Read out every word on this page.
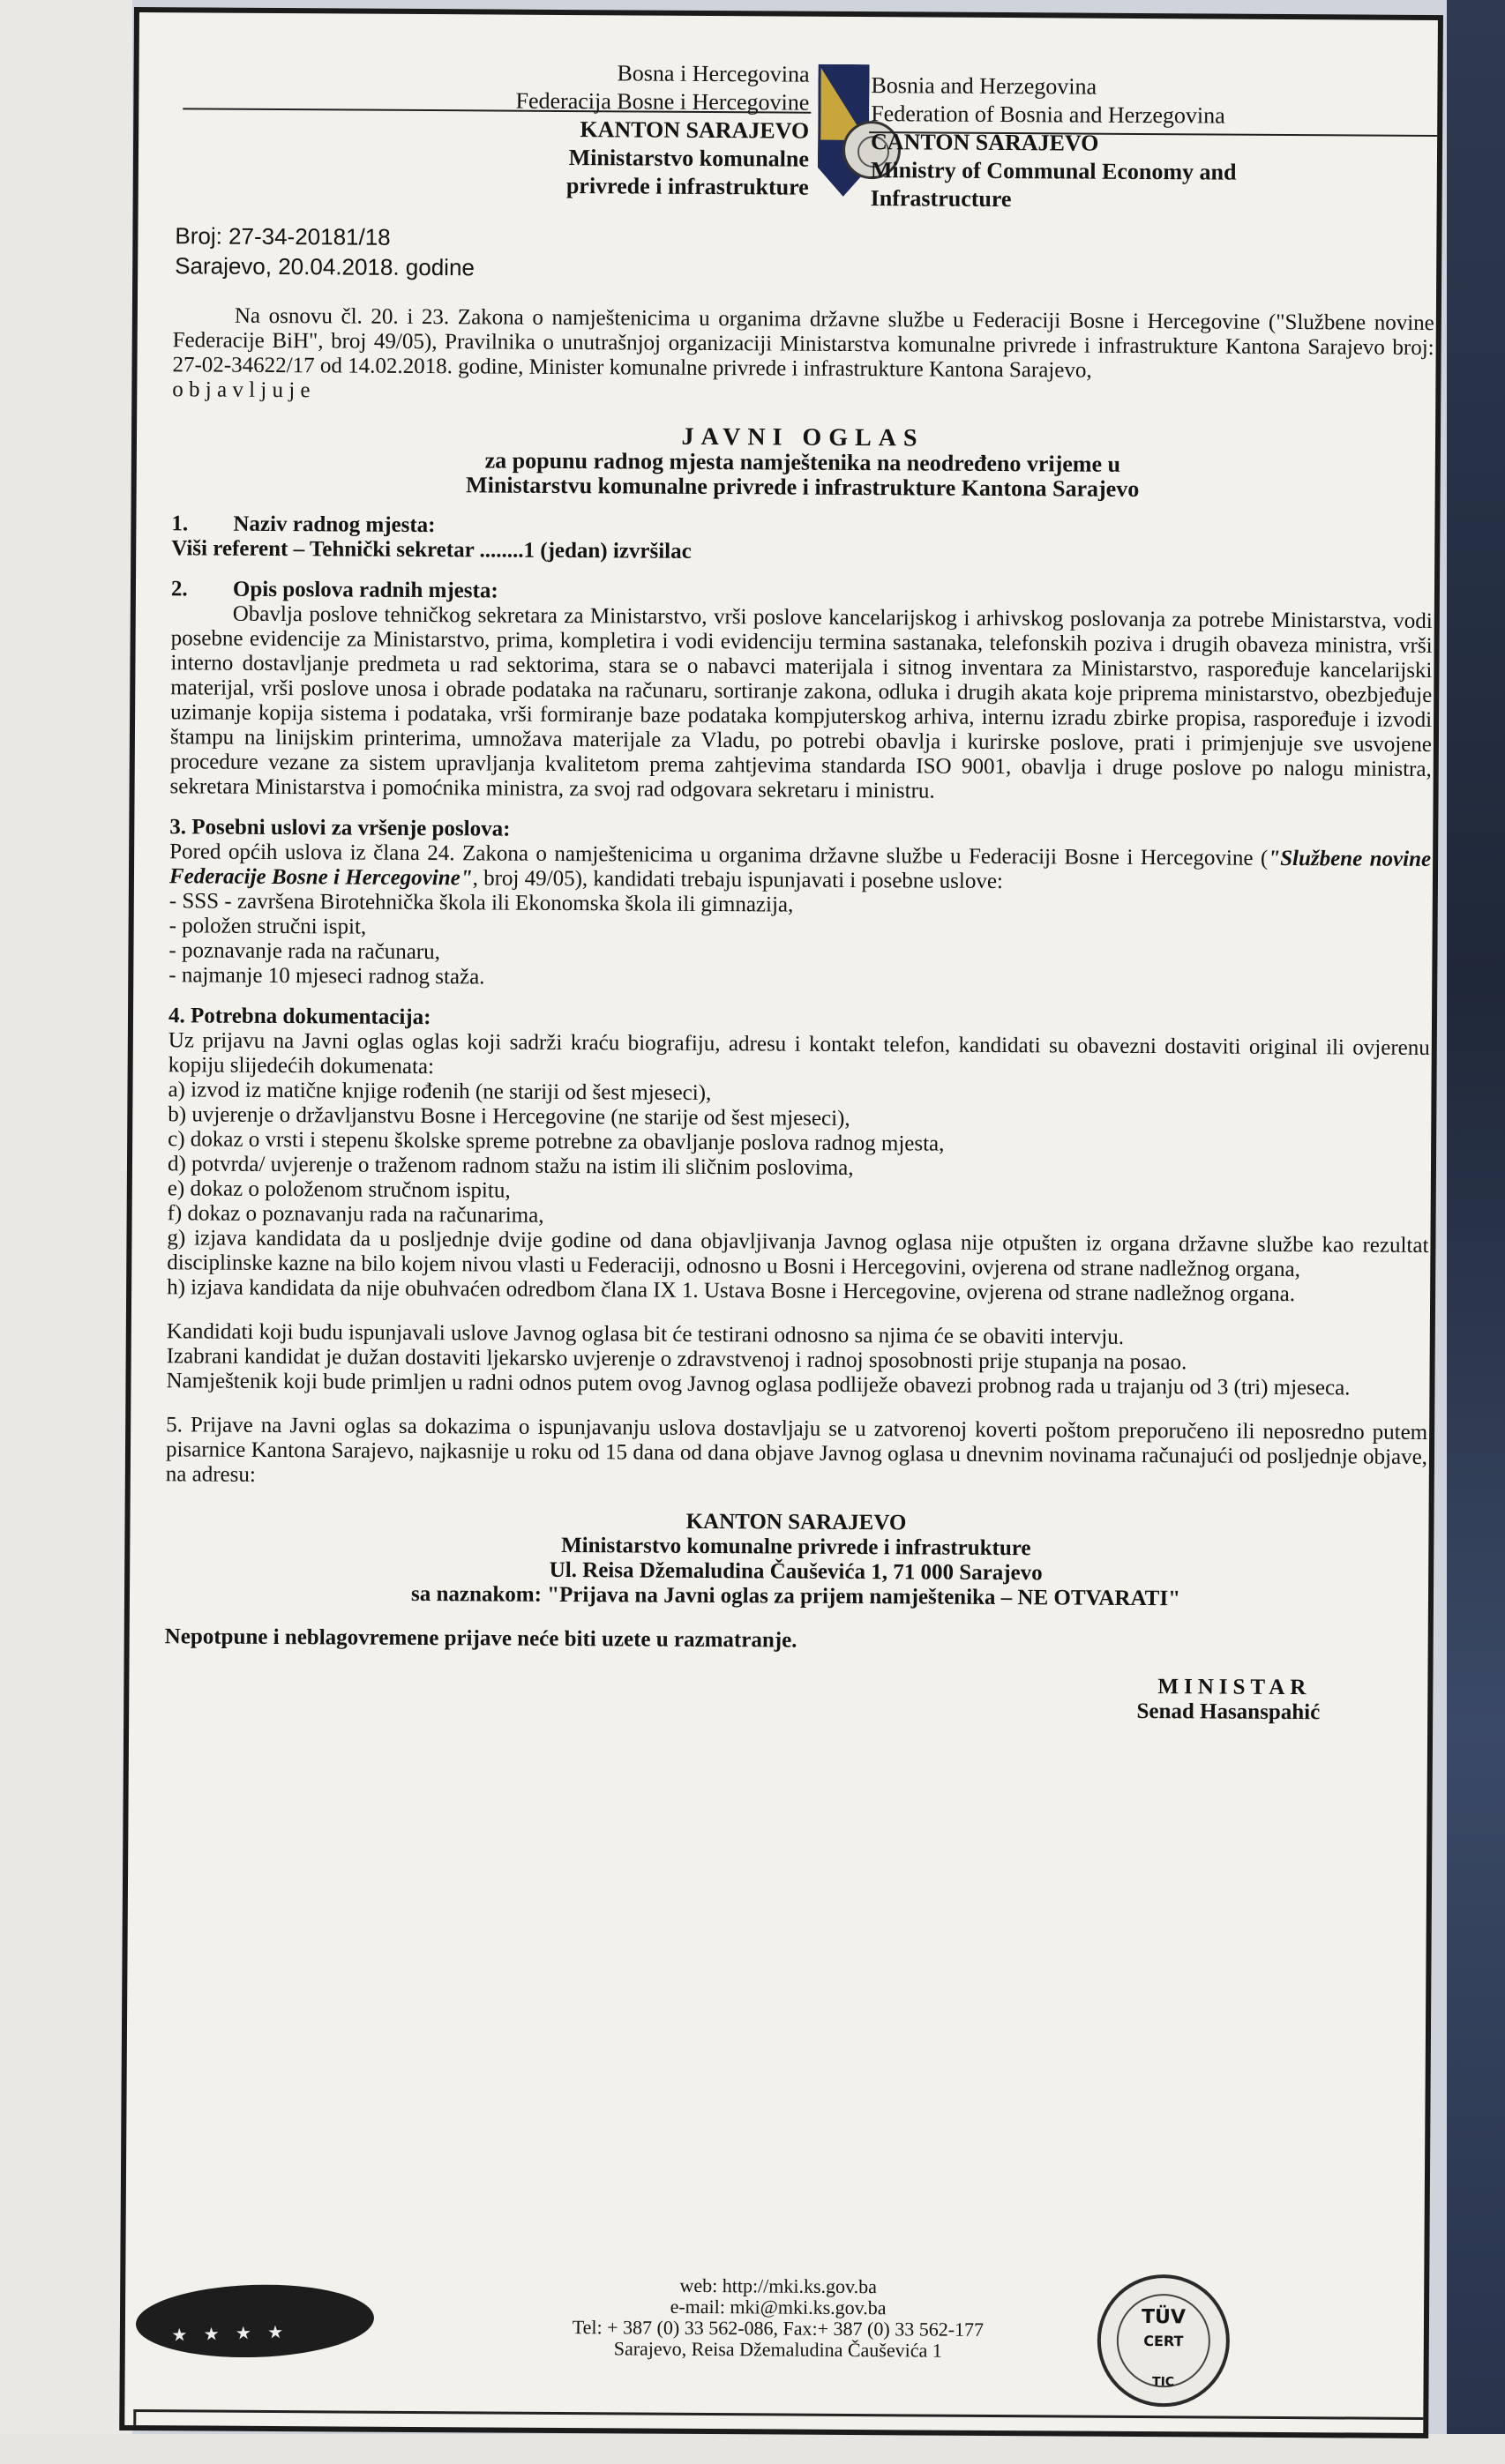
Bosna i Hercegovina
Federacija Bosne i Hercegovine
KANTON SARAJEVO
Ministarstvo komunalne
privrede i infrastrukture
Bosnia and Herzegovina
Federation of Bosnia and Herzegovina
CANTON SARAJEVO
Ministry of Communal Economy and
Infrastructure
Broj: 27-34-20181/18
Sarajevo, 20.04.2018. godine

Na osnovu čl. 20. i 23. Zakona o namještenicima u organima državne službe u Federaciji Bosne i Hercegovine ("Službene novine Federacije BiH", broj 49/05), Pravilnika o unutrašnjoj organizaciji Ministarstva komunalne privrede i infrastrukture Kantona Sarajevo broj: 27-02-34622/17 od 14.02.2018. godine, Minister komunalne privrede i infrastrukture Kantona Sarajevo,

o b j a v l j u j e

JAVNI OGLAS
za popunu radnog mjesta namještenika na neodređeno vrijeme u
Ministarstvu komunalne privrede i infrastrukture Kantona Sarajevo
1. Naziv radnog mjesta:
Viši referent – Tehnički sekretar ........1 (jedan) izvršilac
2. Opis poslova radnih mjesta:

Obavlja poslove tehničkog sekretara za Ministarstvo, vrši poslove kancelarijskog i arhivskog poslovanja za potrebe Ministarstva, vodi posebne evidencije za Ministarstvo, prima, kompletira i vodi evidenciju termina sastanaka, telefonskih poziva i drugih obaveza ministra, vrši interno dostavljanje predmeta u rad sektorima, stara se o nabavci materijala i sitnog inventara za Ministarstvo, raspoređuje kancelarijski materijal, vrši poslove unosa i obrade podataka na računaru, sortiranje zakona, odluka i drugih akata koje priprema ministarstvo, obezbjeđuje uzimanje kopija sistema i podataka, vrši formiranje baze podataka kompjuterskog arhiva, internu izradu zbirke propisa, raspoređuje i izvodi štampu na linijskim printerima, umnožava materijale za Vladu, po potrebi obavlja i kurirske poslove, prati i primjenjuje sve usvojene procedure vezane za sistem upravljanja kvalitetom prema zahtjevima standarda ISO 9001, obavlja i druge poslove po nalogu ministra, sekretara Ministarstva i pomoćnika ministra, za svoj rad odgovara sekretaru i ministru.

3. Posebni uslovi za vršenje poslova:

Pored općih uslova iz člana 24. Zakona o namještenicima u organima državne službe u Federaciji Bosne i Hercegovine ("Službene novine Federacije Bosne i Hercegovine", broj 49/05), kandidati trebaju ispunjavati i posebne uslove:

- SSS - završena Birotehnička škola ili Ekonomska škola ili gimnazija,
- položen stručni ispit,
- poznavanje rada na računaru,
- najmanje 10 mjeseci radnog staža.
4. Potrebna dokumentacija:

Uz prijavu na Javni oglas oglas koji sadrži kraću biografiju, adresu i kontakt telefon, kandidati su obavezni dostaviti original ili ovjerenu kopiju slijedećih dokumenata:

a) izvod iz matične knjige rođenih (ne stariji od šest mjeseci),
b) uvjerenje o državljanstvu Bosne i Hercegovine (ne starije od šest mjeseci),
c) dokaz o vrsti i stepenu školske spreme potrebne za obavljanje poslova radnog mjesta,
d) potvrda/ uvjerenje o traženom radnom stažu na istim ili sličnim poslovima,
e) dokaz o položenom stručnom ispitu,
f) dokaz o poznavanju rada na računarima,
g) izjava kandidata da u posljednje dvije godine od dana objavljivanja Javnog oglasa nije otpušten iz organa državne službe kao rezultat disciplinske kazne na bilo kojem nivou vlasti u Federaciji, odnosno u Bosni i Hercegovini, ovjerena od strane nadležnog organa,
h) izjava kandidata da nije obuhvaćen odredbom člana IX 1. Ustava Bosne i Hercegovine, ovjerena od strane nadležnog organa.

Kandidati koji budu ispunjavali uslove Javnog oglasa bit će testirani odnosno sa njima će se obaviti intervju.

Izabrani kandidat je dužan dostaviti ljekarsko uvjerenje o zdravstvenoj i radnoj sposobnosti prije stupanja na posao.

Namještenik koji bude primljen u radni odnos putem ovog Javnog oglasa podliježe obavezi probnog rada u trajanju od 3 (tri) mjeseca.

5. Prijave na Javni oglas sa dokazima o ispunjavanju uslova dostavljaju se u zatvorenoj koverti poštom preporučeno ili neposredno putem pisarnice Kantona Sarajevo, najkasnije u roku od 15 dana od dana objave Javnog oglasa u dnevnim novinama računajući od posljednje objave, na adresu:

KANTON SARAJEVO
Ministarstvo komunalne privrede i infrastrukture
Ul. Reisa Džemaludina Čauševića 1, 71 000 Sarajevo
sa naznakom: "Prijava na Javni oglas za prijem namještenika – NE OTVARATI"
Nepotpune i neblagovremene prijave neće biti uzete u razmatranje.
MINISTAR
Senad Hasanspahić
★ ★ ★ ★
web: http://mki.ks.gov.ba
e-mail: mki@mki.ks.gov.ba
Tel: + 387 (0) 33 562-086, Fax:+ 387 (0) 33 562-177
Sarajevo, Reisa Džemaludina Čauševića 1
TÜV
CERT
TIC
